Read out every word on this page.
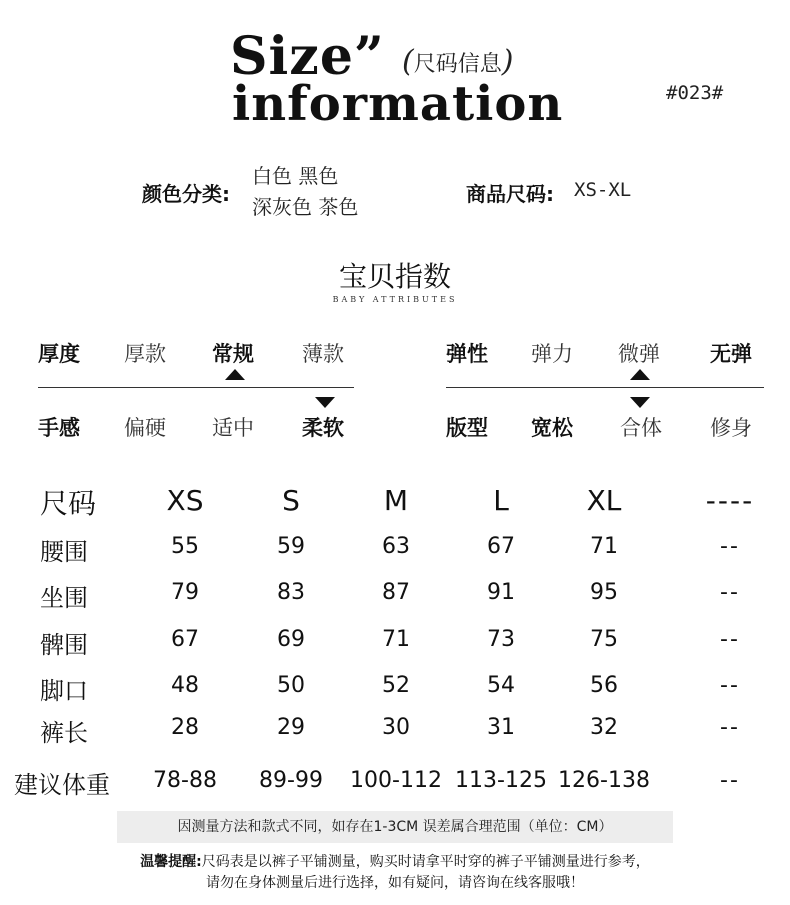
Size”
information
(尺码信息)
#023#
颜色分类:
白色 黑色
深灰色 茶色
商品尺码: XS-XL
宝贝指数
BABY ATTRIBUTES
厚度 厚款 常规 薄款	弹性 弹力 微弹 无弹
手感 偏硬 适中 柔软	版型 宽松 合体 修身
尺码	XS	S	M	L	XL	----
腰围	55	59	63	67	71	--
坐围	79	83	87	91	95	--
髀围	67	69	71	73	75	--
脚口	48	50	52	54	56	--
裤长	28	29	30	31	32	--
建议体重	78-88	89-99	100-112 113-125 126-138	--
因测量方法和款式不同，如存在1-3CM 误差属合理范围（单位：CM）
温馨提醒:尺码表是以裤子平铺测量，购买时请拿平时穿的裤子平铺测量进行参考，
请勿在身体测量后进行选择，如有疑问，请咨询在线客服哦！
